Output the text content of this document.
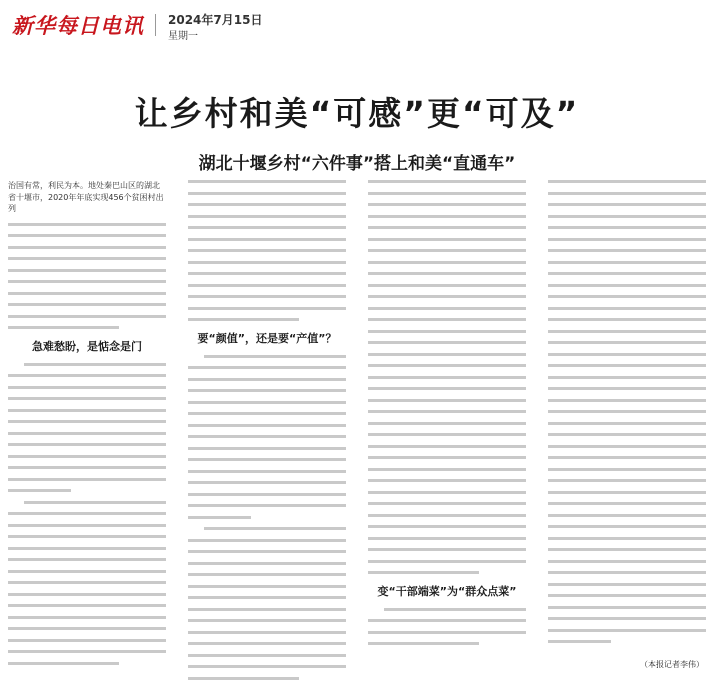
新华每日电讯 2024年7月15日
星期一
让乡村和美“可感”更“可及”
湖北十堰乡村“六件事”搭上和美“直通车”

治国有常，利民为本。地处秦巴山区的湖北省十堰市，2020年年底实现456个贫困村出列

急难愁盼，是惦念是门
要“颜值”，还是要“产值”？
变“干部端菜”为“群众点菜”
（本报记者李伟）
